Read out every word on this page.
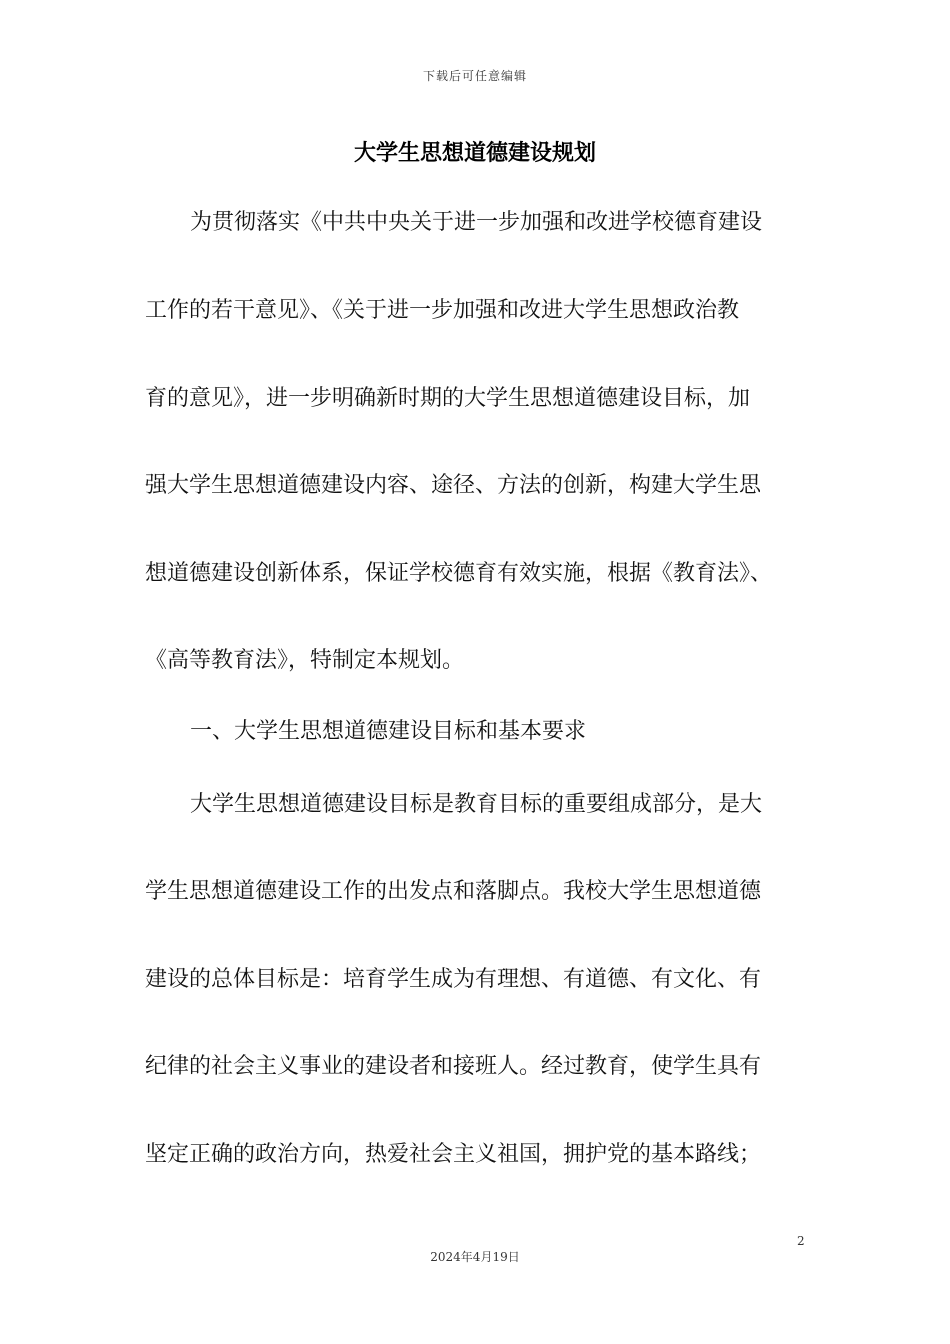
下载后可任意编辑
大学生思想道德建设规划
为贯彻落实《中共中央关于进一步加强和改进学校德育建设
工作的若干意见》、《关于进一步加强和改进大学生思想政治教
育的意见》，进一步明确新时期的大学生思想道德建设目标，加
强大学生思想道德建设内容、途径、方法的创新，构建大学生思
想道德建设创新体系，保证学校德育有效实施，根据《教育法》、
《高等教育法》，特制定本规划。
一、大学生思想道德建设目标和基本要求
大学生思想道德建设目标是教育目标的重要组成部分，是大
学生思想道德建设工作的出发点和落脚点。我校大学生思想道德
建设的总体目标是：培育学生成为有理想、有道德、有文化、有
纪律的社会主义事业的建设者和接班人。经过教育，使学生具有
坚定正确的政治方向，热爱社会主义祖国，拥护党的基本路线；
2
2024年4月19日
